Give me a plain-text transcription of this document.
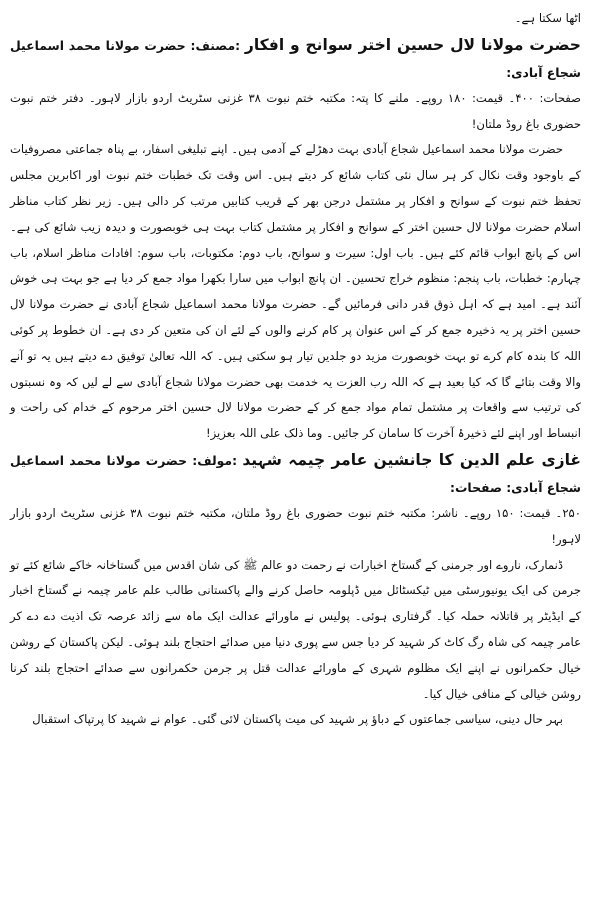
اٹھا سکتا ہے۔

حضرت مولانا لال حسین اختر سوانح و افکار :مصنف: حضرت مولانا محمد اسماعیل شجاع آبادی:

صفحات: ۴۰۰۔ قیمت: ۱۸۰ روپے۔ ملنے کا پتہ: مکتبہ ختم نبوت ۳۸ غزنی سٹریٹ اردو بازار لاہور۔ دفتر ختم نبوت حضوری باغ روڈ ملتان!

حضرت مولانا محمد اسماعیل شجاع آبادی بہت دھڑلے کے آدمی ہیں۔ اپنے تبلیغی اسفار، بے پناہ جماعتی مصروفیات کے باوجود وقت نکال کر ہر سال نئی کتاب شائع کر دیتے ہیں۔ اس وقت تک خطبات ختم نبوت اور اکابرین مجلس تحفظ ختم نبوت کے سوانح و افکار پر مشتمل درجن بھر کے قریب کتابیں مرتب کر دالی ہیں۔ زیر نظر کتاب مناظر اسلام حضرت مولانا لال حسین اختر کے سوانح و افکار پر مشتمل کتاب بہت ہی خوبصورت و دیدہ زیب شائع کی ہے۔ اس کے پانچ ابواب قائم کئے ہیں۔ باب اول: سیرت و سوانح، باب دوم: مکتوبات، باب سوم: افادات مناظر اسلام، باب چہارم: خطبات، باب پنجم: منظوم خراج تحسین۔ ان پانچ ابواب میں سارا بکھرا مواد جمع کر دیا ہے جو بہت ہی خوش آئند ہے۔ امید ہے کہ اہل ذوق قدر دانی فرمائیں گے۔ حضرت مولانا محمد اسماعیل شجاع آبادی نے حضرت مولانا لال حسین اختر پر یہ ذخیرہ جمع کر کے اس عنوان پر کام کرنے والوں کے لئے ان کی متعین کر دی ہے۔ ان خطوط پر کوئی اللہ کا بندہ کام کرے تو بہت خوبصورت مزید دو جلدیں تیار ہو سکتی ہیں۔ کہ اللہ تعالیٰ توفیق دے دیتے ہیں یہ تو آنے والا وقت بتائے گا کہ کیا بعید ہے کہ اللہ رب العزت یہ خدمت بھی حضرت مولانا شجاع آبادی سے لے لیں کہ وہ نسبتوں کی ترتیب سے واقعات پر مشتمل تمام مواد جمع کر کے حضرت مولانا لال حسین اختر مرحوم کے خدام کی راحت و انبساط اور اپنے لئے ذخیرۂ آخرت کا سامان کر جائیں۔ وما ذلک علی اللہ بعزیز!

غازی علم الدین کا جانشین عامر چیمہ شہید :مولف: حضرت مولانا محمد اسماعیل شجاع آبادی: صفحات:

۲۵۰۔ قیمت: ۱۵۰ روپے۔ ناشر: مکتبہ ختم نبوت حضوری باغ روڈ ملتان، مکتبہ ختم نبوت ۳۸ غزنی سٹریٹ اردو بازار لاہور!

ڈنمارک، ناروے اور جرمنی کے گستاخ اخبارات نے رحمت دو عالم ﷺ کی شان اقدس میں گستاخانہ خاکے شائع کئے تو جرمن کی ایک یونیورسٹی میں ٹیکسٹائل میں ڈپلومہ حاصل کرنے والے پاکستانی طالب علم عامر چیمہ نے گستاخ اخبار کے ایڈیٹر پر قاتلانہ حملہ کیا۔ گرفتاری ہوئی۔ پولیس نے ماورائے عدالت ایک ماہ سے زائد عرصہ تک اذیت دے دے کر عامر چیمہ کی شاہ رگ کاٹ کر شہید کر دیا جس سے پوری دنیا میں صدائے احتجاج بلند ہوئی۔ لیکن پاکستان کے روشن خیال حکمرانوں نے اپنے ایک مظلوم شہری کے ماورائے عدالت قتل پر جرمن حکمرانوں سے صدائے احتجاج بلند کرنا روشن خیالی کے منافی خیال کیا۔

بہر حال دینی، سیاسی جماعتوں کے دباؤ پر شہید کی میت پاکستان لائی گئی۔ عوام نے شہید کا پرتپاک استقبال
